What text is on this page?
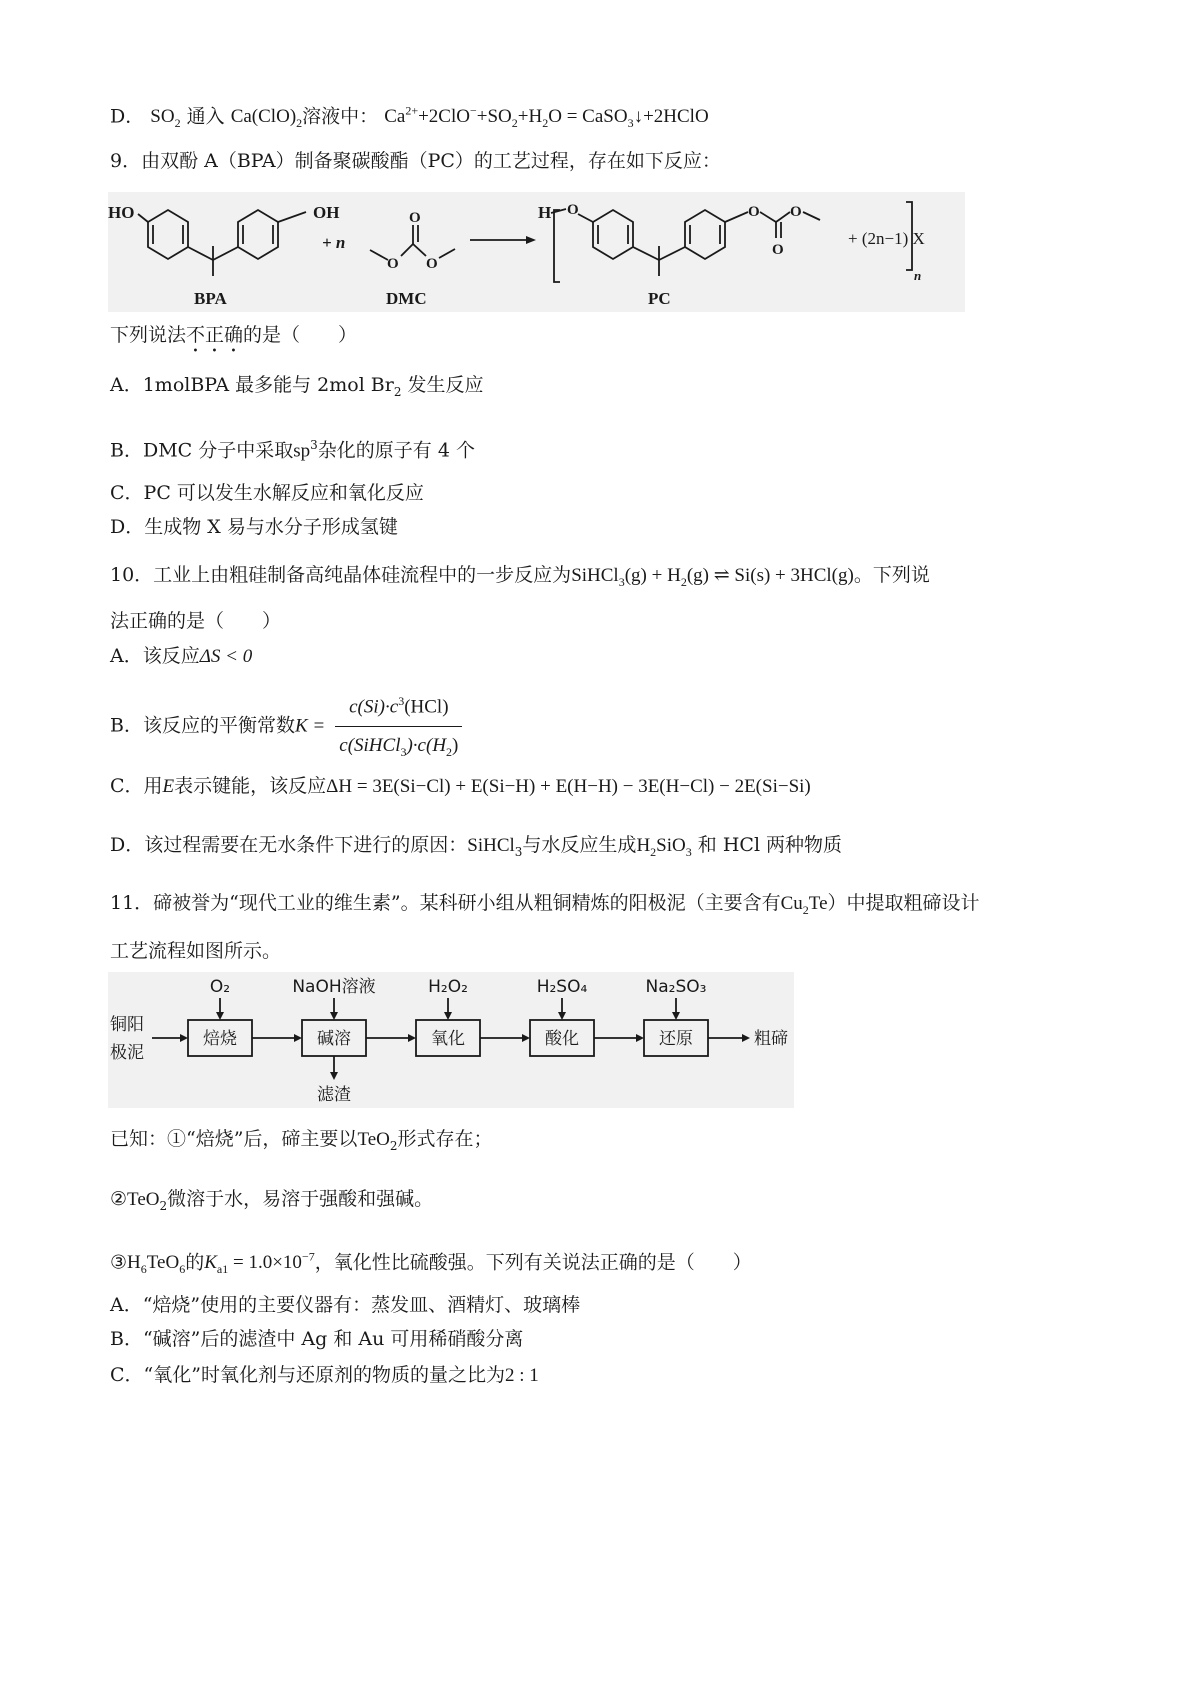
D． $SO_2$ 通入 $Ca(ClO)_2$溶液中： $Ca^{2+}+2ClO^-+SO_2+H_2O$ = CaSO$_3$↓+2HClO
9．由双酚 A（BPA）制备聚碳酸酯（PC）的工艺过程，存在如下反应：
HO	OH
BPA
+ n
O
O
O
DMC
H O	O O
O
n
PC
+ (2n−1) X
下列说法不正确的是（　　）
A．1molBPA 最多能与 2mol $Br_2$ 发生反应
B．DMC 分子中采取$sp^3$杂化的原子有 4 个
C．PC 可以发生水解反应和氧化反应
D．生成物 X 易与水分子形成氢键
10．工业上由粗硅制备高纯晶体硅流程中的一步反应为SiHCl$_3$(g) + $H_2(g)$ ⇌ Si(s) + 3HCl(g)。下列说
法正确的是（　　）
A．该反应ΔS < 0
B．该反应的平衡常数$K = \frac{c(Si)\cdot c^3(HCl)}{c(SiHCl_3)\cdot c(H_2)}$
C．用E表示键能，该反应ΔH = 3E(Si−Cl) + E(Si−H) + E(H−H) − 3E(H−Cl) − 2E(Si−Si)
D．该过程需要在无水条件下进行的原因：SiHCl$_3$与水反应生成$H_2SiO_3$ 和 HCl 两种物质
11．碲被誉为“现代工业的维生素”。某科研小组从粗铜精炼的阳极泥（主要含有$Cu_2Te$）中提取粗碲设计
工艺流程如图所示。
铜阳
极泥
焙烧	碱溶	氧化	酸化	还原
O₂	NaOH溶液	H₂O₂	H₂SO₄	Na₂SO₃
滤渣
粗碲
已知：①“焙烧”后，碲主要以TeO$_2$形式存在；
②TeO$_2$微溶于水，易溶于强酸和强碱。
$③H_6TeO_6$的$K_{a1} = 1.0\times 10^{-7}$，氧化性比硫酸强。下列有关说法正确的是（　　）
A．“焙烧”使用的主要仪器有：蒸发皿、酒精灯、玻璃棒
B．“碱溶”后的滤渣中 Ag 和 Au 可用稀硝酸分离
C．“氧化”时氧化剂与还原剂的物质的量之比为2 : 1
